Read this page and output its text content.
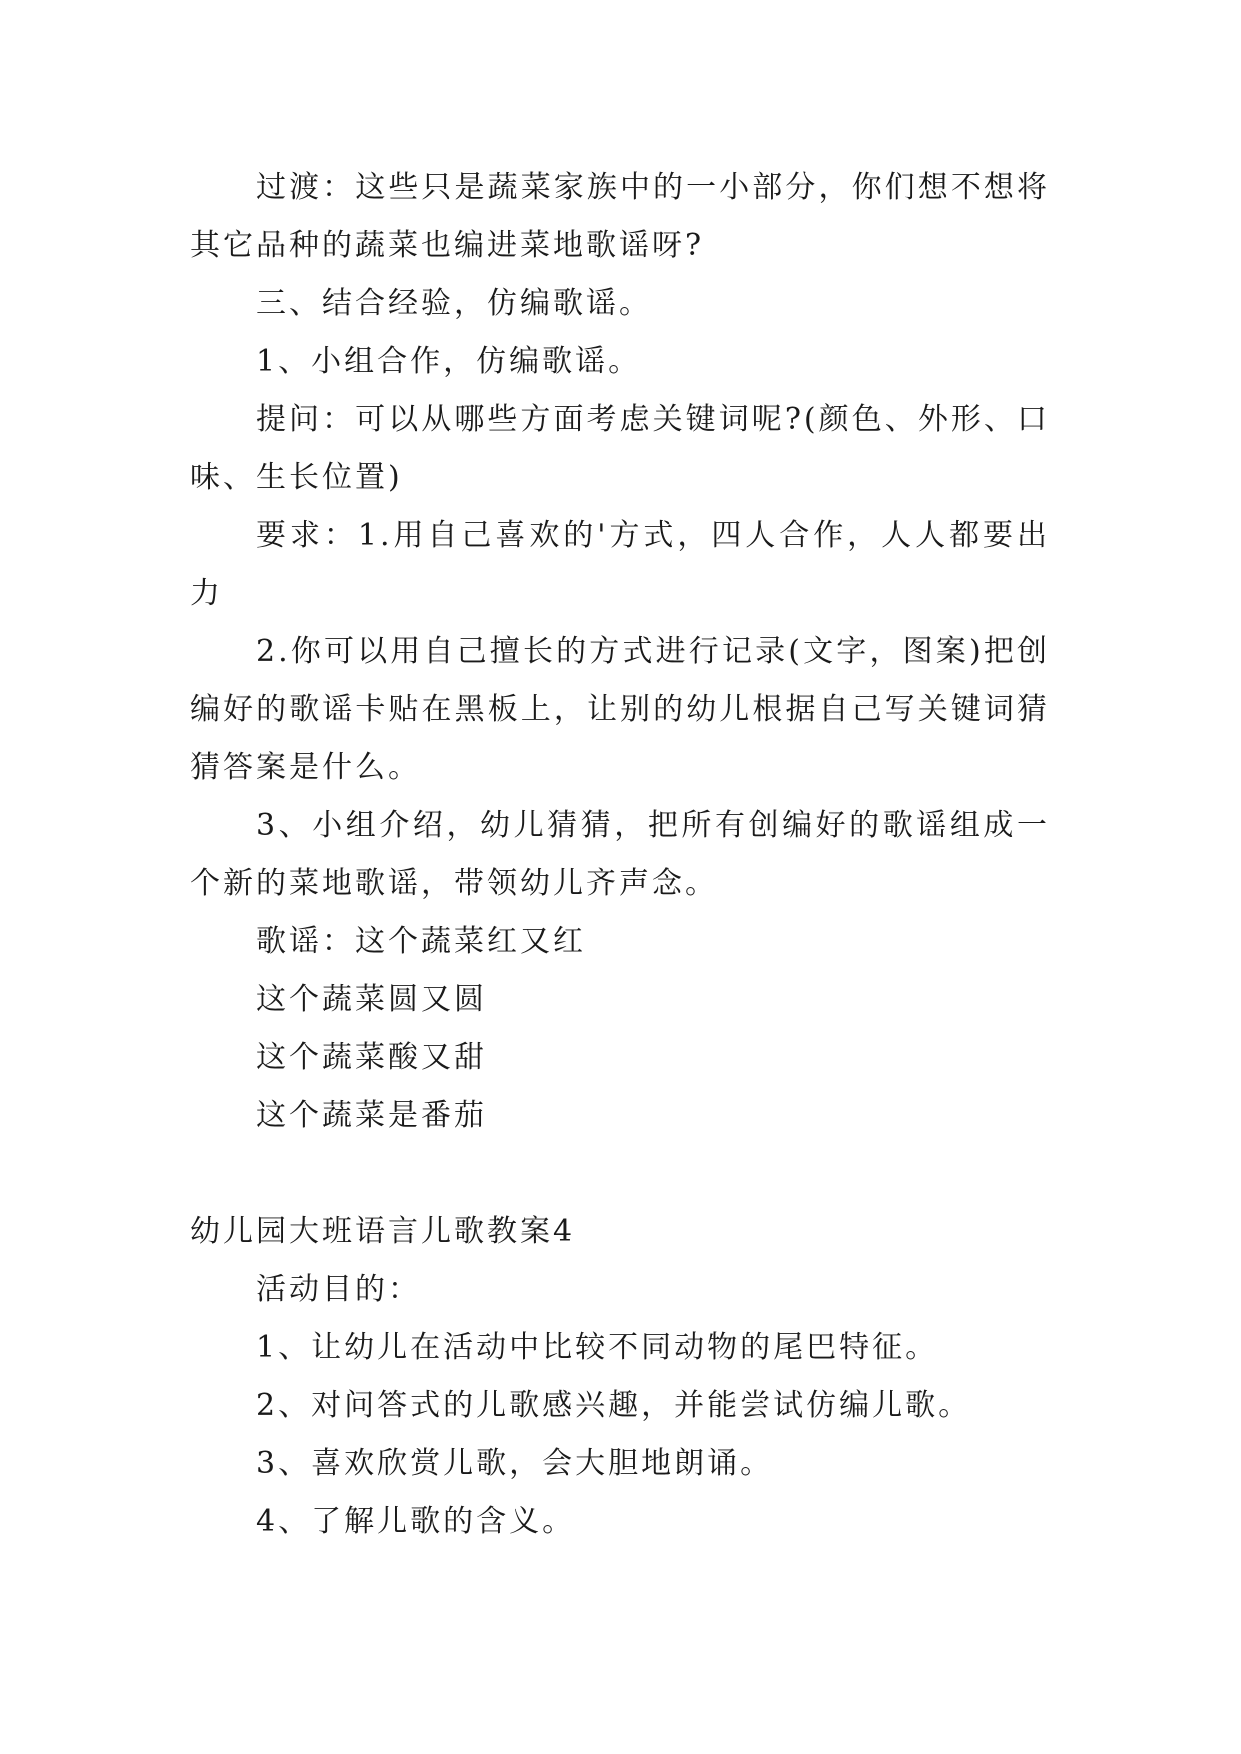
过渡：这些只是蔬菜家族中的一小部分，你们想不想将
其它品种的蔬菜也编进菜地歌谣呀?
三、结合经验，仿编歌谣。
1、小组合作，仿编歌谣。
提问：可以从哪些方面考虑关键词呢?(颜色、外形、口
味、生长位置)
要求：1.用自己喜欢的'方式，四人合作，人人都要出
力
2.你可以用自己擅长的方式进行记录(文字，图案)把创
编好的歌谣卡贴在黑板上，让别的幼儿根据自己写关键词猜
猜答案是什么。
3、小组介绍，幼儿猜猜，把所有创编好的歌谣组成一
个新的菜地歌谣，带领幼儿齐声念。
歌谣：这个蔬菜红又红
这个蔬菜圆又圆
这个蔬菜酸又甜
这个蔬菜是番茄
幼儿园大班语言儿歌教案4
活动目的：
1、让幼儿在活动中比较不同动物的尾巴特征。
2、对问答式的儿歌感兴趣，并能尝试仿编儿歌。
3、喜欢欣赏儿歌，会大胆地朗诵。
4、了解儿歌的含义。
